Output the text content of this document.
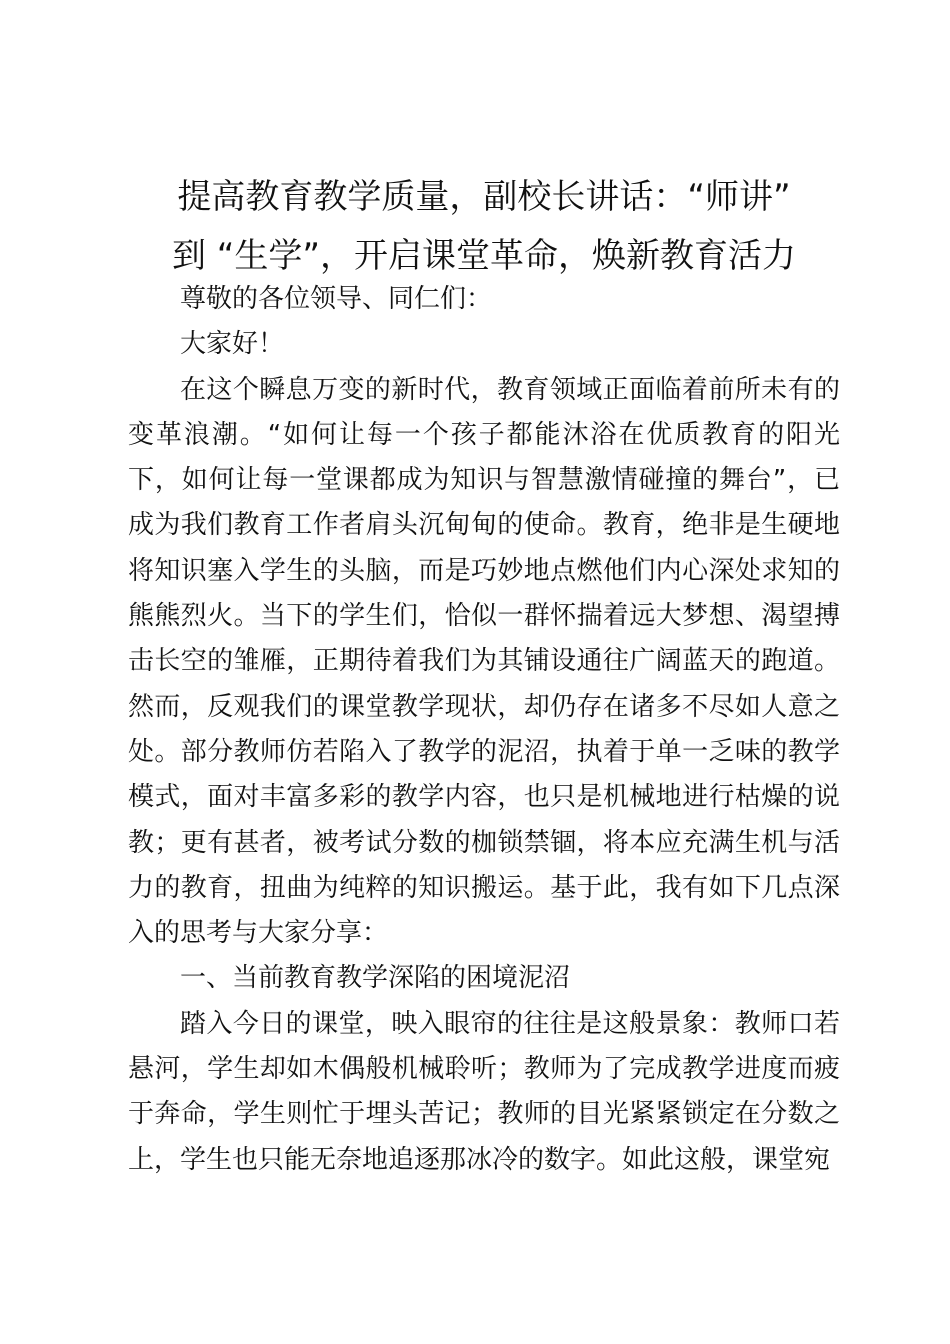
提高教育教学质量，副校长讲话：“师讲”
到 “生学”，开启课堂革命，焕新教育活力

尊敬的各位领导、同仁们：

大家好！

在这个瞬息万变的新时代，教育领域正面临着前所未有的变革浪潮。“如何让每一个孩子都能沐浴在优质教育的阳光下，如何让每一堂课都成为知识与智慧激情碰撞的舞台”，已成为我们教育工作者肩头沉甸甸的使命。教育，绝非是生硬地将知识塞入学生的头脑，而是巧妙地点燃他们内心深处求知的熊熊烈火。当下的学生们，恰似一群怀揣着远大梦想、渴望搏击长空的雏雁，正期待着我们为其铺设通往广阔蓝天的跑道。然而，反观我们的课堂教学现状，却仍存在诸多不尽如人意之处。部分教师仿若陷入了教学的泥沼，执着于单一乏味的教学模式，面对丰富多彩的教学内容，也只是机械地进行枯燥的说教；更有甚者，被考试分数的枷锁禁锢，将本应充满生机与活力的教育，扭曲为纯粹的知识搬运。基于此，我有如下几点深入的思考与大家分享：

一、当前教育教学深陷的困境泥沼

踏入今日的课堂，映入眼帘的往往是这般景象：教师口若悬河，学生却如木偶般机械聆听；教师为了完成教学进度而疲于奔命，学生则忙于埋头苦记；教师的目光紧紧锁定在分数之上，学生也只能无奈地追逐那冰冷的数字。如此这般，课堂宛
